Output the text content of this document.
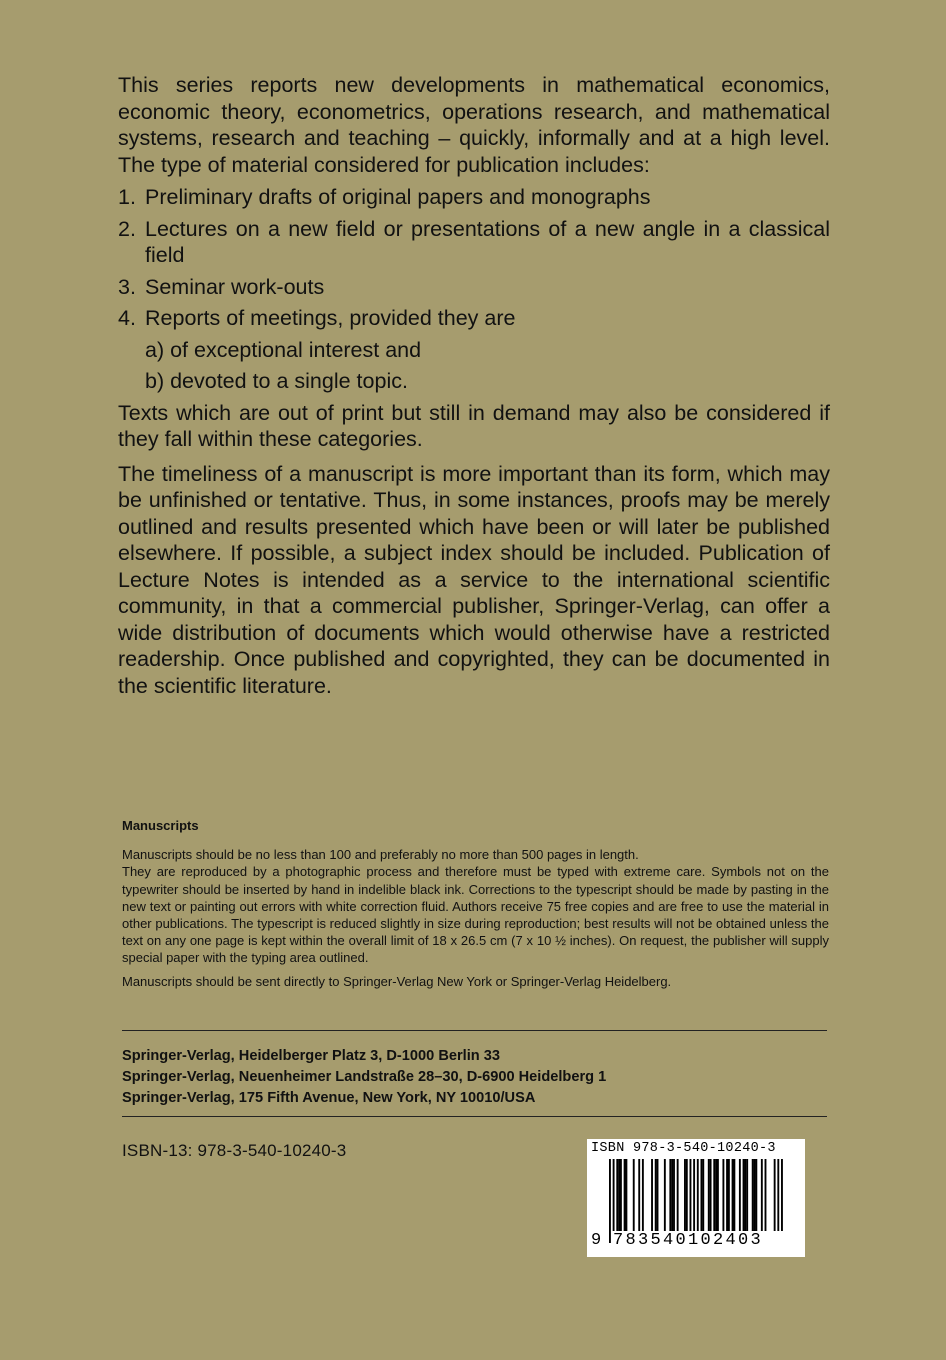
This series reports new developments in mathematical economics, economic theory, econometrics, operations research, and mathematical systems, research and teaching – quickly, informally and at a high level. The type of material considered for publication includes:

1. Preliminary drafts of original papers and monographs
2. Lectures on a new field or presentations of a new angle in a classical field
3. Seminar work-outs
4. Reports of meetings, provided they are
a) of exceptional interest and
b) devoted to a single topic.

Texts which are out of print but still in demand may also be considered if they fall within these categories.

The timeliness of a manuscript is more important than its form, which may be unfinished or tentative. Thus, in some instances, proofs may be merely outlined and results presented which have been or will later be published elsewhere. If possible, a subject index should be included. Publication of Lecture Notes is intended as a service to the international scientific community, in that a commercial publisher, Springer-Verlag, can offer a wide distribution of documents which would otherwise have a restricted readership. Once published and copyrighted, they can be documented in the scientific literature.

Manuscripts

Manuscripts should be no less than 100 and preferably no more than 500 pages in length.

They are reproduced by a photographic process and therefore must be typed with extreme care. Symbols not on the typewriter should be inserted by hand in indelible black ink. Corrections to the typescript should be made by pasting in the new text or painting out errors with white correction fluid. Authors receive 75 free copies and are free to use the material in other publications. The typescript is reduced slightly in size during reproduction; best results will not be obtained unless the text on any one page is kept within the overall limit of 18 x 26.5 cm (7 x 10 ½ inches). On request, the publisher will supply special paper with the typing area outlined.

Manuscripts should be sent directly to Springer-Verlag New York or Springer-Verlag Heidelberg.

Springer-Verlag, Heidelberger Platz 3, D-1000 Berlin 33
Springer-Verlag, Neuenheimer Landstraße 28–30, D-6900 Heidelberg 1
Springer-Verlag, 175 Fifth Avenue, New York, NY 10010/USA
ISBN-13: 978-3-540-10240-3	ISBN 978-3-540-10240-3
9 783540102403
